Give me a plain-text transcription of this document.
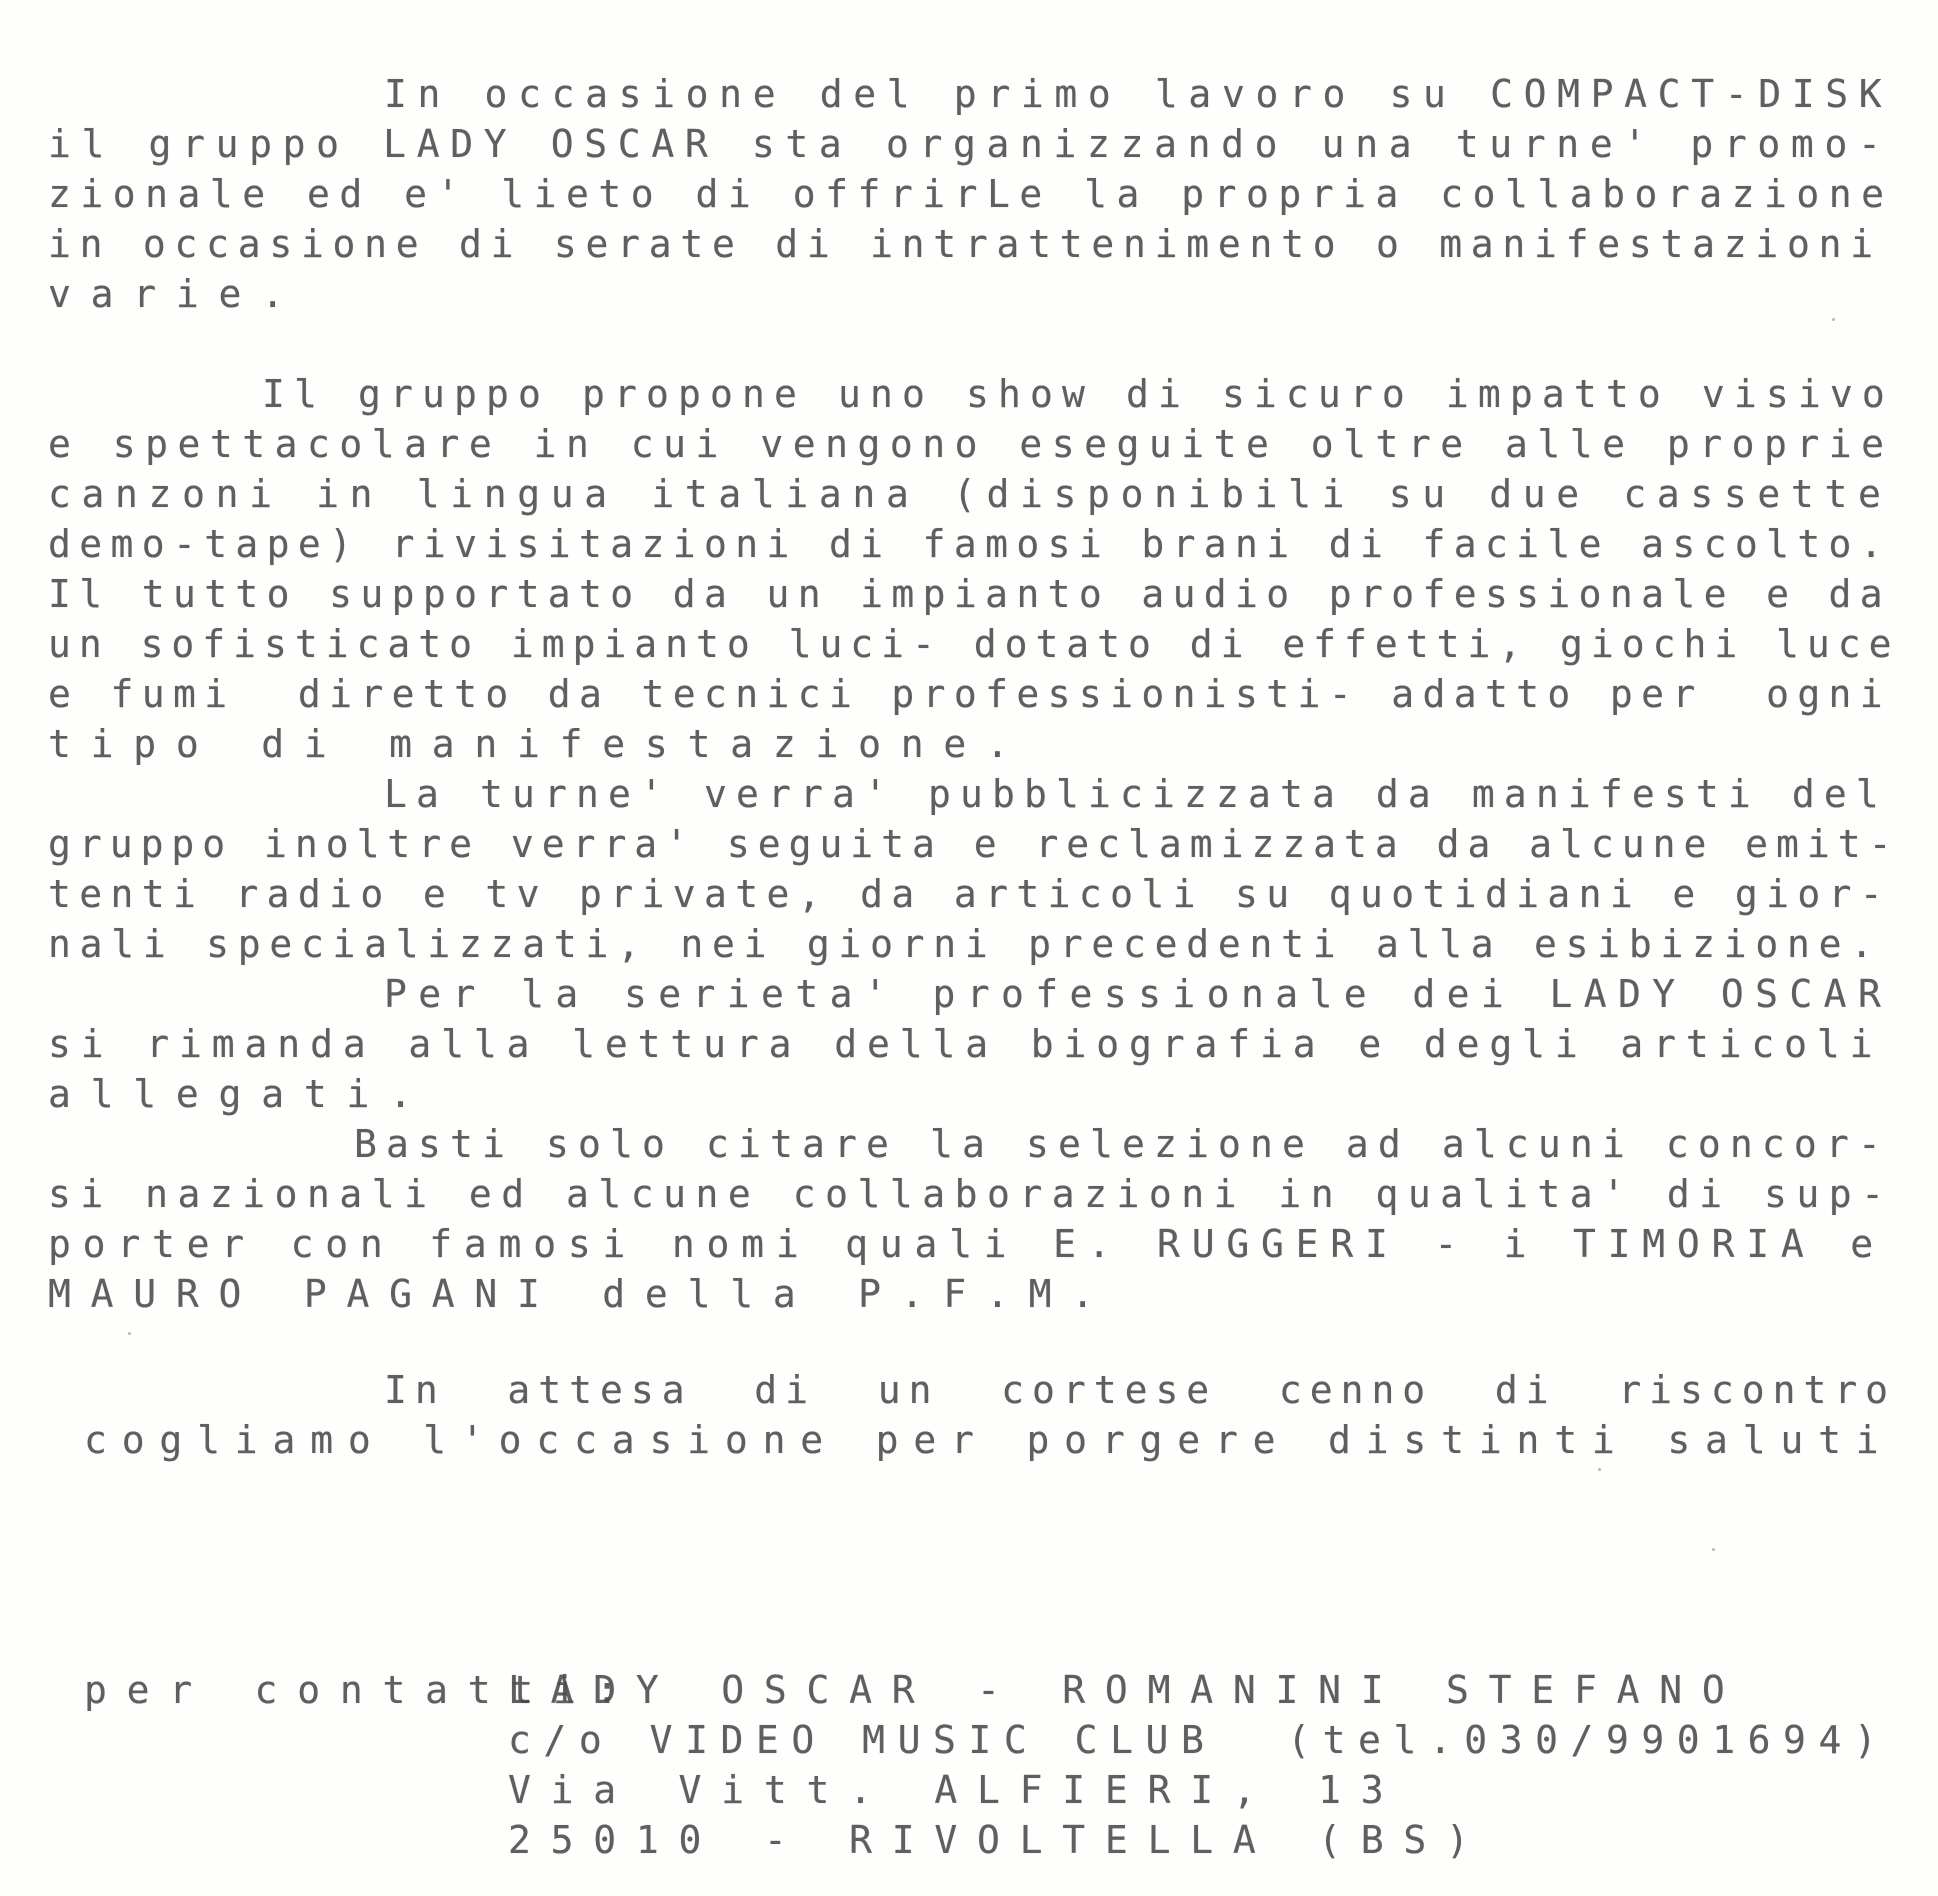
In occasione del primo lavoro su COMPACT-DISK
il gruppo LADY OSCAR sta organizzando una turne' promo-
zionale ed e' lieto di offrirLe la propria collaborazione
in occasione di serate di intrattenimento o manifestazioni
varie.
Il gruppo propone uno show di sicuro impatto visivo
e spettacolare in cui vengono eseguite oltre alle proprie
canzoni in lingua italiana (disponibili su due cassette
demo-tape) rivisitazioni di famosi brani di facile ascolto.
Il tutto supportato da un impianto audio professionale e da
un sofisticato impianto luci- dotato di effetti, giochi luce
e fumi  diretto da tecnici professionisti- adatto per  ogni
tipo di manifestazione.
La turne' verra' pubblicizzata da manifesti del
gruppo inoltre verra' seguita e reclamizzata da alcune emit-
tenti radio e tv private, da articoli su quotidiani e gior-
nali specializzati, nei giorni precedenti alla esibizione.
Per la serieta' professionale dei LADY OSCAR
si rimanda alla lettura della biografia e degli articoli
allegati.
Basti solo citare la selezione ad alcuni concor-
si nazionali ed alcune collaborazioni in qualita' di sup-
porter con famosi nomi quali E. RUGGERI - i TIMORIA e
MAURO PAGANI della P.F.M.
In  attesa  di  un  cortese  cenno  di  riscontro
cogliamo l'occasione per porgere distinti saluti
per contatti:
LADY OSCAR - ROMANINI STEFANO
c/o VIDEO MUSIC CLUB  (tel.030/9901694)
Via Vitt. ALFIERI, 13
25010 - RIVOLTELLA (BS)
